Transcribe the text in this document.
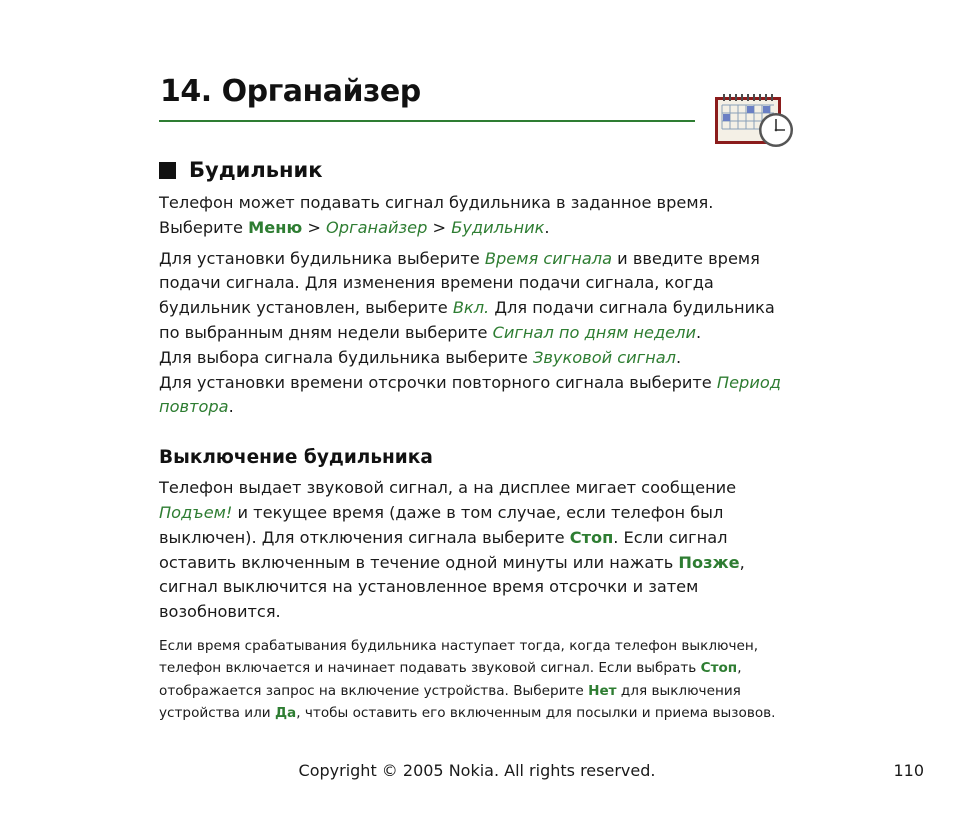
14. Органайзер
Будильник

Телефон может подавать сигнал будильника в заданное время. Выберите Меню > Органайзер > Будильник.

Для установки будильника выберите Время сигнала и введите время подачи сигнала. Для изменения времени подачи сигнала, когда будильник установлен, выберите Вкл. Для подачи сигнала будильника по выбранным дням недели выберите Сигнал по дням недели.
Для выбора сигнала будильника выберите Звуковой сигнал.
Для установки времени отсрочки повторного сигнала выберите Период повтора.

Выключение будильника

Телефон выдает звуковой сигнал, а на дисплее мигает сообщение Подъем! и текущее время (даже в том случае, если телефон был выключен). Для отключения сигнала выберите Стоп. Если сигнал оставить включенным в течение одной минуты или нажать Позже, сигнал выключится на установленное время отсрочки и затем возобновится.

Если время срабатывания будильника наступает тогда, когда телефон выключен, телефон включается и начинает подавать звуковой сигнал. Если выбрать Стоп, отображается запрос на включение устройства. Выберите Нет для выключения устройства или Да, чтобы оставить его включенным для посылки и приема вызовов.

Copyright © 2005 Nokia. All rights reserved.	110
